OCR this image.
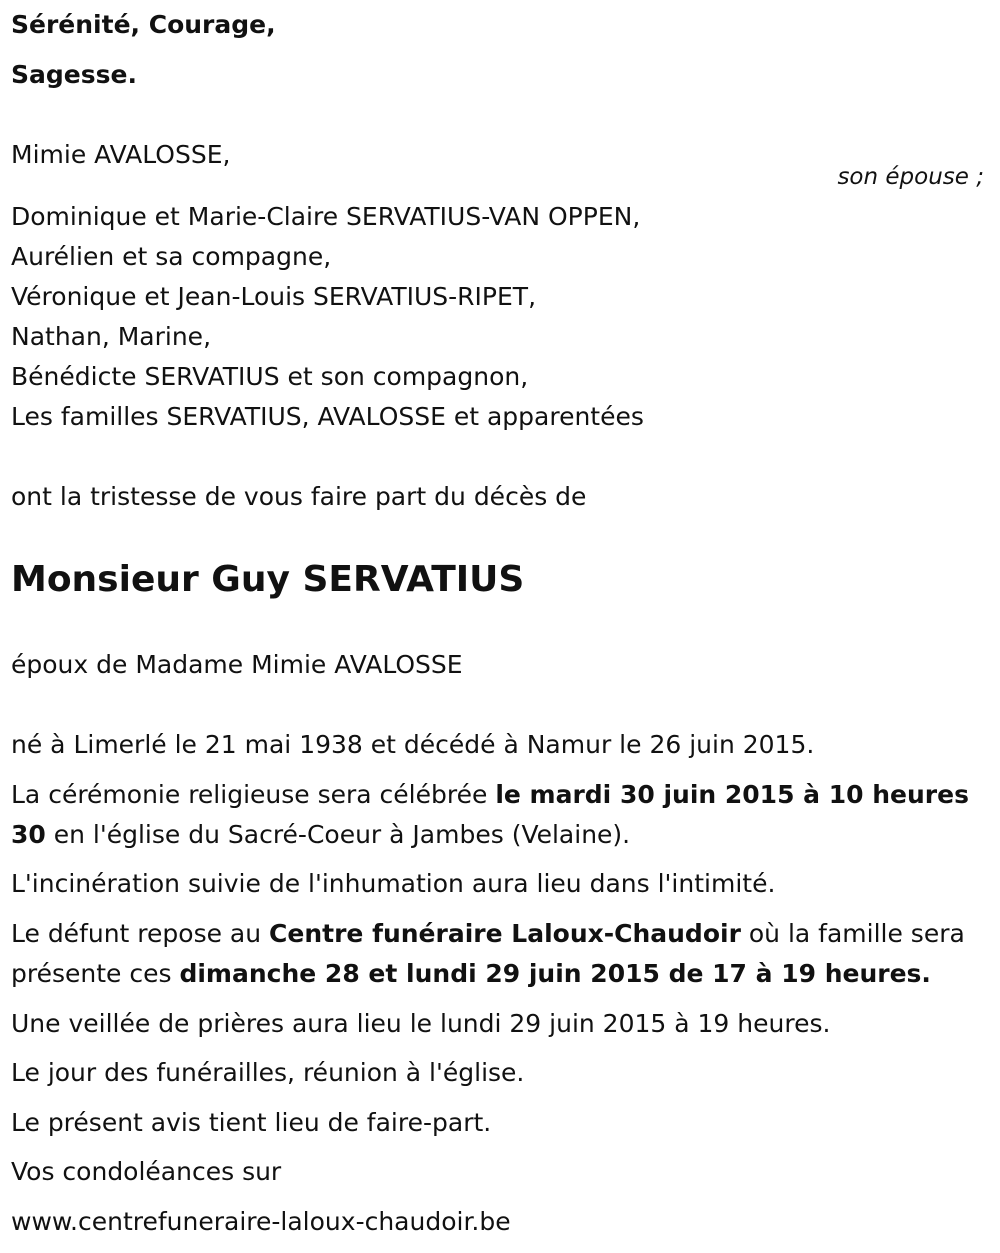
Sérénité, Courage,
Sagesse.
Mimie AVALOSSE,
son épouse ;
Dominique et Marie-Claire SERVATIUS-VAN OPPEN,
Aurélien et sa compagne,
Véronique et Jean-Louis SERVATIUS-RIPET,
Nathan, Marine,
Bénédicte SERVATIUS et son compagnon,
Les familles SERVATIUS, AVALOSSE et apparentées
ont la tristesse de vous faire part du décès de
Monsieur Guy SERVATIUS
époux de Madame Mimie AVALOSSE
né à Limerlé le 21 mai 1938 et décédé à Namur le 26 juin 2015.
La cérémonie religieuse sera célébrée le mardi 30 juin 2015 à 10 heures
30 en l'église du Sacré-Coeur à Jambes (Velaine).
L'incinération suivie de l'inhumation aura lieu dans l'intimité.
Le défunt repose au Centre funéraire Laloux-Chaudoir où la famille sera
présente ces dimanche 28 et lundi 29 juin 2015 de 17 à 19 heures.
Une veillée de prières aura lieu le lundi 29 juin 2015 à 19 heures.
Le jour des funérailles, réunion à l'église.
Le présent avis tient lieu de faire-part.
Vos condoléances sur
www.centrefuneraire-laloux-chaudoir.be
